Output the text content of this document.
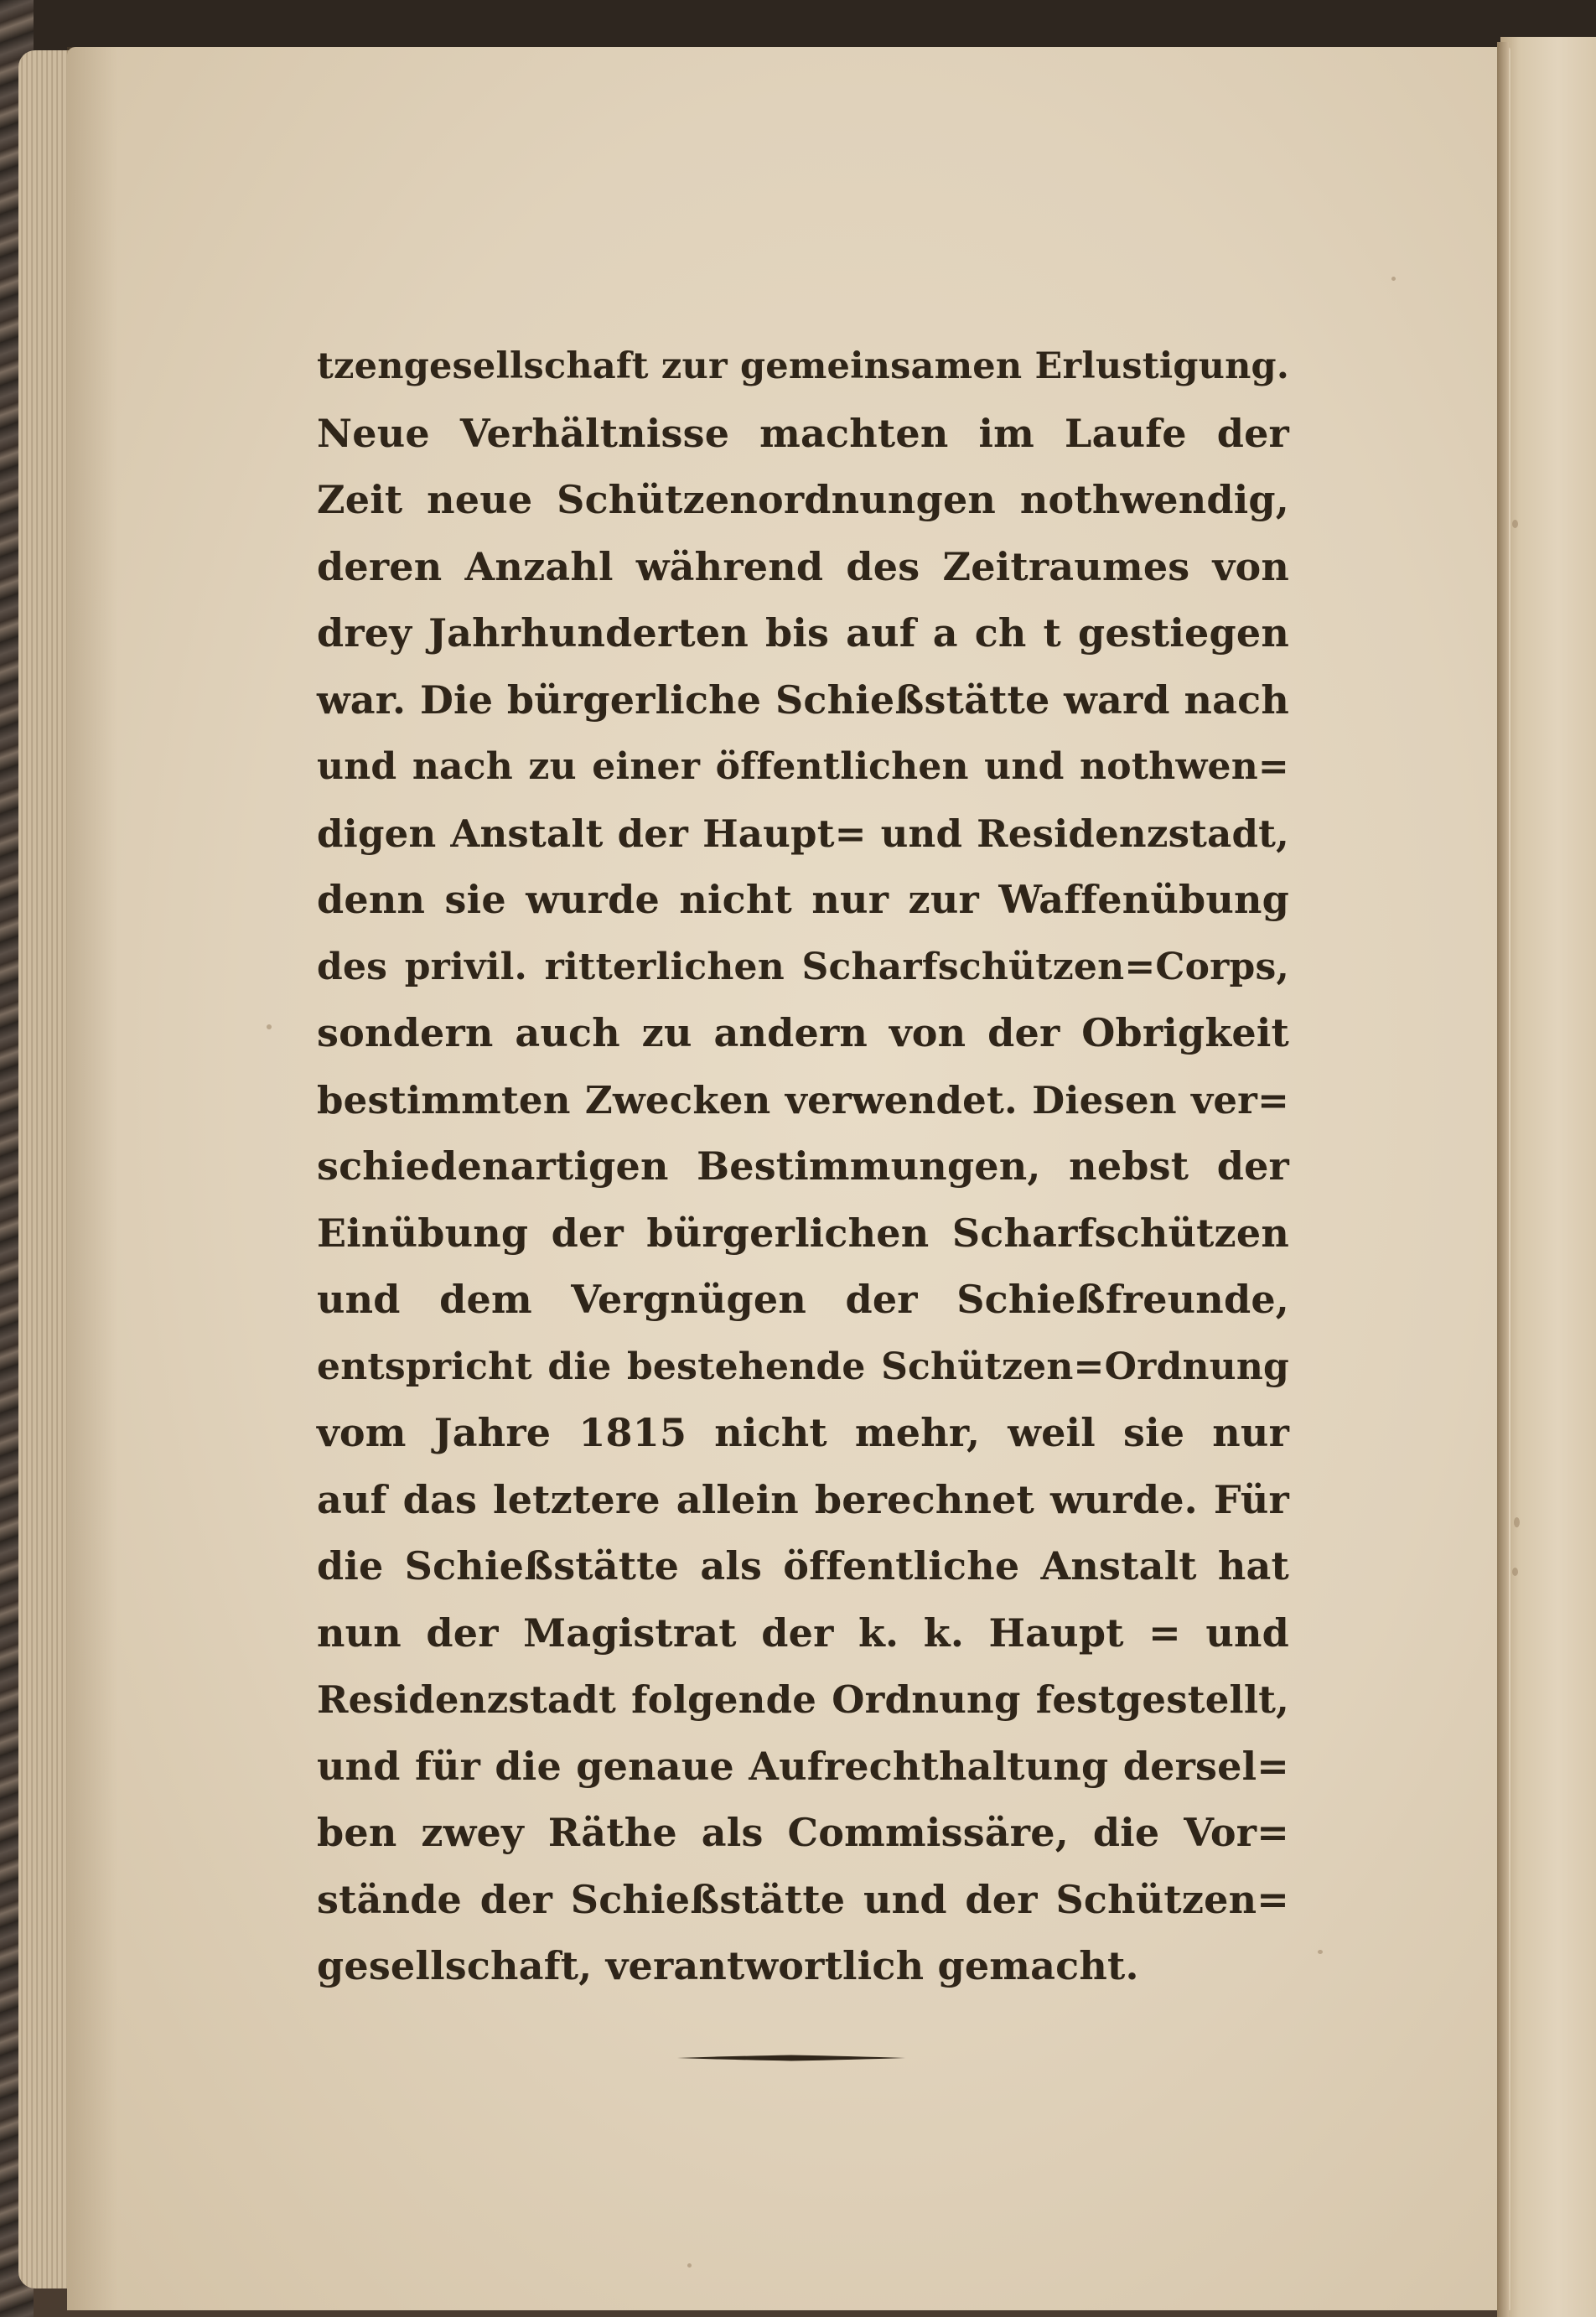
tzengesellschaft zur gemeinsamen Erlustigung.
Neue Verhältnisse machten im Laufe der
Zeit neue Schützenordnungen nothwendig,
deren Anzahl während des Zeitraumes von
drey Jahrhunderten bis auf a ch t gestiegen
war. Die bürgerliche Schießstätte ward nach
und nach zu einer öffentlichen und nothwen=
digen Anstalt der Haupt= und Residenzstadt,
denn sie wurde nicht nur zur Waffenübung
des privil. ritterlichen Scharfschützen=Corps,
sondern auch zu andern von der Obrigkeit
bestimmten Zwecken verwendet. Diesen ver=
schiedenartigen Bestimmungen, nebst der
Einübung der bürgerlichen Scharfschützen
und dem Vergnügen der Schießfreunde,
entspricht die bestehende Schützen=Ordnung
vom Jahre 1815 nicht mehr, weil sie nur
auf das letztere allein berechnet wurde. Für
die Schießstätte als öffentliche Anstalt hat
nun der Magistrat der k. k. Haupt = und
Residenzstadt folgende Ordnung festgestellt,
und für die genaue Aufrechthaltung dersel=
ben zwey Räthe als Commissäre, die Vor=
stände der Schießstätte und der Schützen=
gesellschaft, verantwortlich gemacht.
